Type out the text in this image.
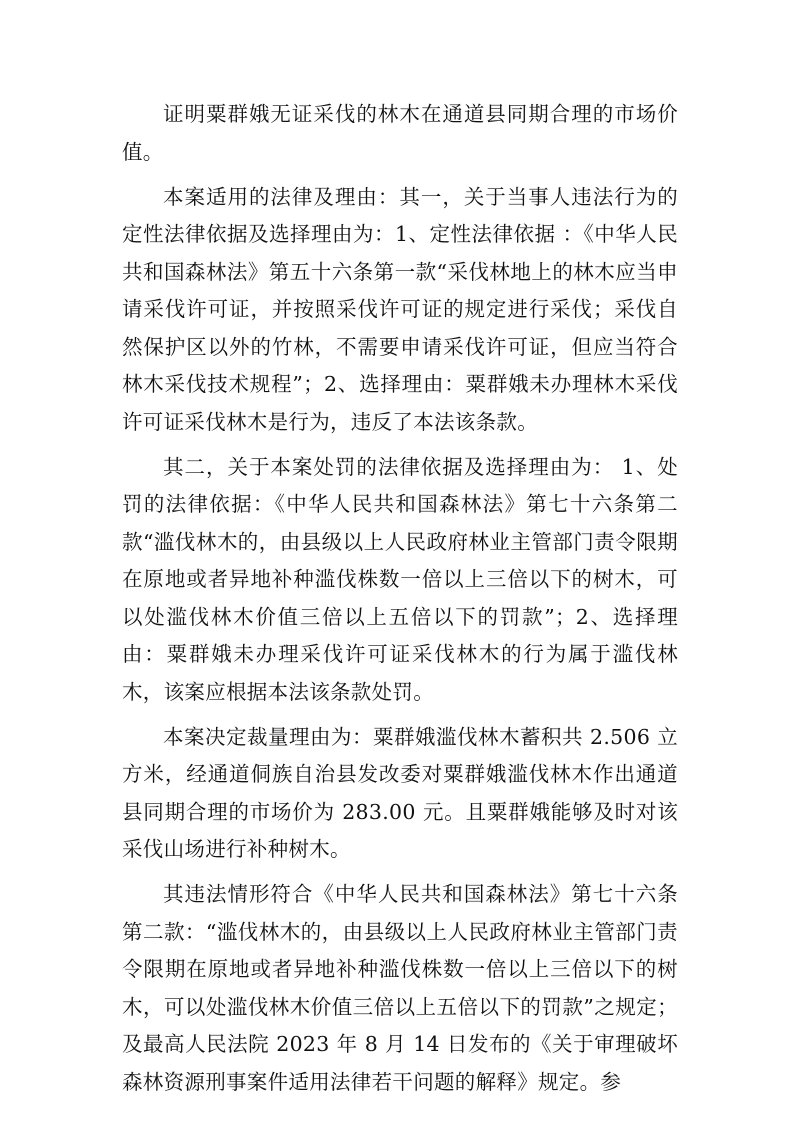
证明粟群娥无证采伐的林木在通道县同期合理的市场价值。

本案适用的法律及理由：其一，关于当事人违法行为的定性法律依据及选择理由为：1、定性法律依据 ：《中华人民共和国森林法》第五十六条第一款“采伐林地上的林木应当申请采伐许可证，并按照采伐许可证的规定进行采伐；采伐自然保护区以外的竹林，不需要申请采伐许可证，但应当符合林木采伐技术规程”；2、选择理由：粟群娥未办理林木采伐许可证采伐林木是行为，违反了本法该条款。

其二，关于本案处罚的法律依据及选择理由为： 1、处罚的法律依据：《中华人民共和国森林法》第七十六条第二款“滥伐林木的，由县级以上人民政府林业主管部门责令限期在原地或者异地补种滥伐株数一倍以上三倍以下的树木，可以处滥伐林木价值三倍以上五倍以下的罚款”；2、选择理由：粟群娥未办理采伐许可证采伐林木的行为属于滥伐林木，该案应根据本法该条款处罚。

本案决定裁量理由为：粟群娥滥伐林木蓄积共 2.506 立方米，经通道侗族自治县发改委对粟群娥滥伐林木作出通道县同期合理的市场价为 283.00 元。且粟群娥能够及时对该采伐山场进行补种树木。

其违法情形符合《中华人民共和国森林法》第七十六条第二款：“滥伐林木的，由县级以上人民政府林业主管部门责令限期在原地或者异地补种滥伐株数一倍以上三倍以下的树木，可以处滥伐林木价值三倍以上五倍以下的罚款”之规定；及最高人民法院 2023 年 8 月 14 日发布的《关于审理破坏森林资源刑事案件适用法律若干问题的解释》规定。参
